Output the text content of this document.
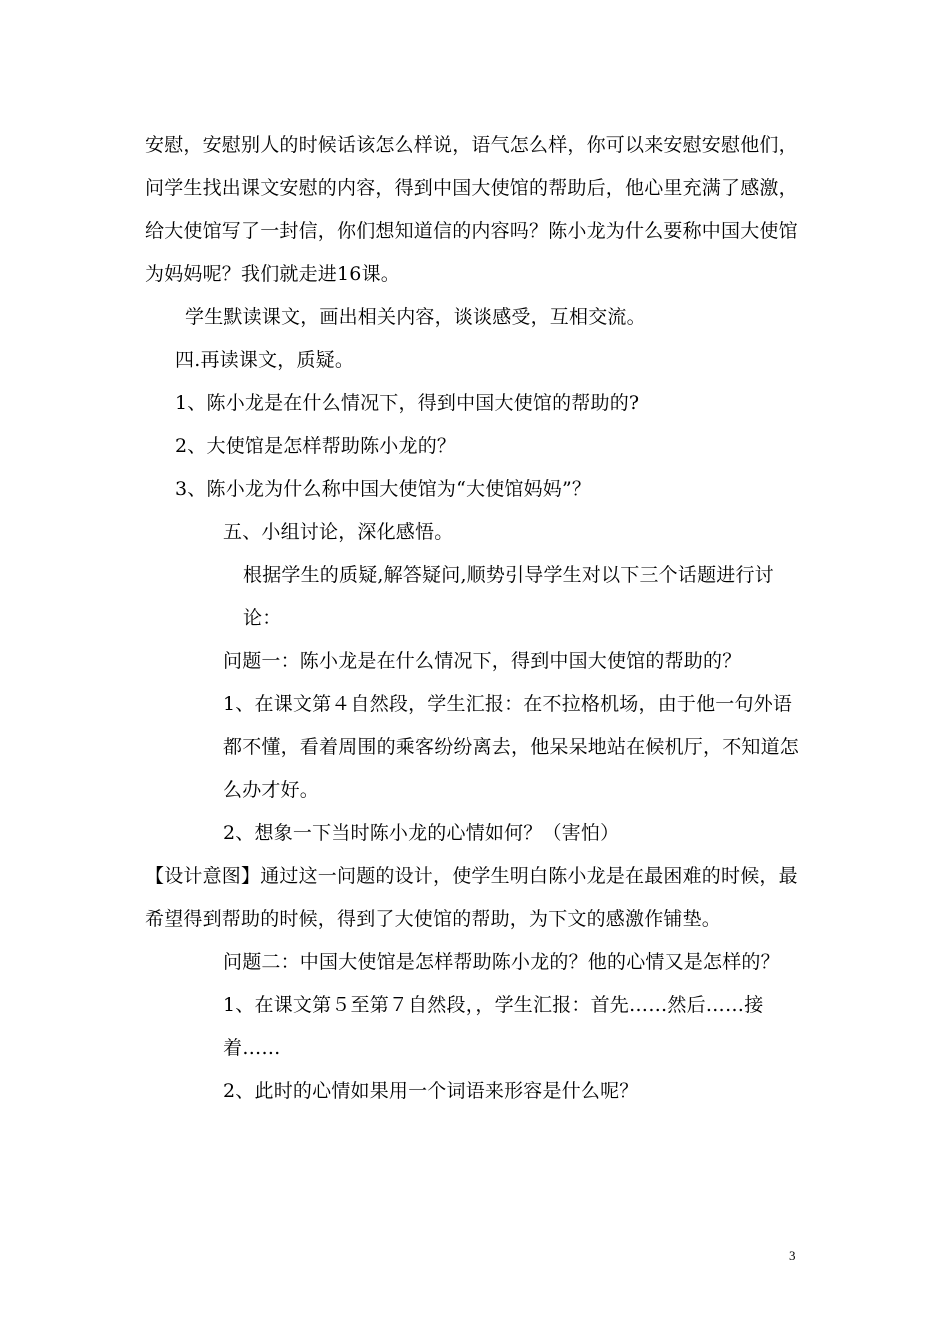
安慰，安慰别人的时候话该怎么样说，语气怎么样，你可以来安慰安慰他们，问学生找出课文安慰的内容，得到中国大使馆的帮助后，他心里充满了感激，给大使馆写了一封信，你们想知道信的内容吗？陈小龙为什么要称中国大使馆为妈妈呢？我们就走进16课。

学生默读课文，画出相关内容，谈谈感受，互相交流。

四.再读课文，质疑。

1、陈小龙是在什么情况下，得到中国大使馆的帮助的?

2、大使馆是怎样帮助陈小龙的？

3、陈小龙为什么称中国大使馆为“大使馆妈妈”？

五、小组讨论，深化感悟。

根据学生的质疑,解答疑问,顺势引导学生对以下三个话题进行讨论：

问题一：陈小龙是在什么情况下，得到中国大使馆的帮助的？

1、在课文第４自然段，学生汇报：在不拉格机场，由于他一句外语都不懂，看着周围的乘客纷纷离去，他呆呆地站在候机厅，不知道怎么办才好。

2、想象一下当时陈小龙的心情如何？（害怕）

【设计意图】通过这一问题的设计，使学生明白陈小龙是在最困难的时候，最希望得到帮助的时候，得到了大使馆的帮助，为下文的感激作铺垫。

问题二：中国大使馆是怎样帮助陈小龙的？他的心情又是怎样的？

1、在课文第５至第７自然段，，学生汇报：首先……然后……接着……

2、此时的心情如果用一个词语来形容是什么呢？

3
